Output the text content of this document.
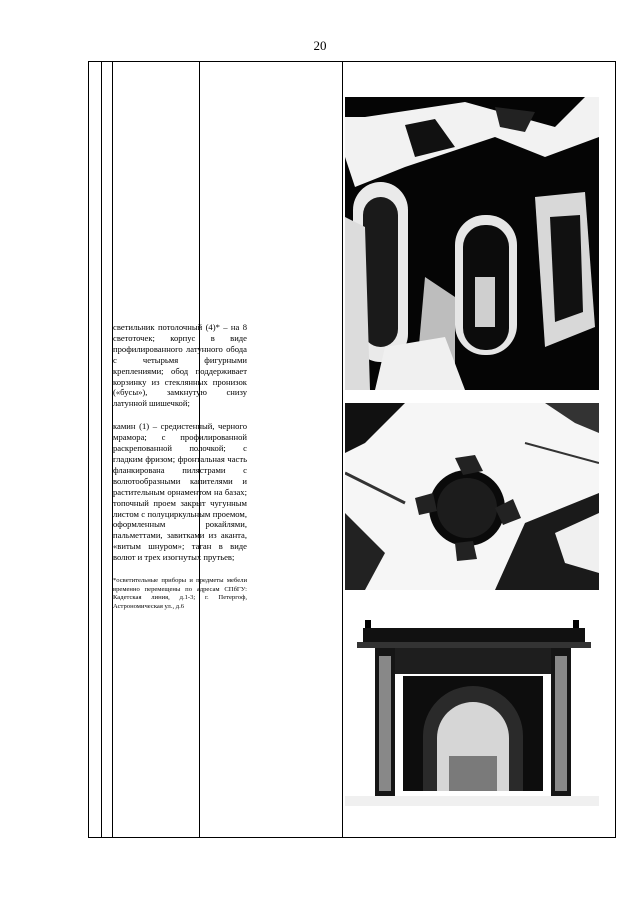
20

светильник потолочный (4)* – на 8 светоточек; корпус в виде профилированного латунного обода с четырьмя фигурными креплениями; обод поддерживает корзинку из стеклянных пронизок («бусы»), замкнутую снизу латунной шишечкой;

камин (1) – средистенный, черного мрамора; с профилированной раскрепованной полочкой; с гладким фризом; фронтальная часть фланкирована пилястрами с волютообразными капителями и растительным орнаментом на базах; топочный проем закрыт чугунным листом с полуциркульным проемом, оформленным рокайлями, пальметтами, завитками из аканта, «витым шнуром»; таган в виде волют и трех изогнутых прутьев;

*осветительные приборы и предметы мебели временно перемещены по адресам СПбГУ: Кадетская линия, д.1-3; г. Петергоф, Астрономическая ул., д.6
